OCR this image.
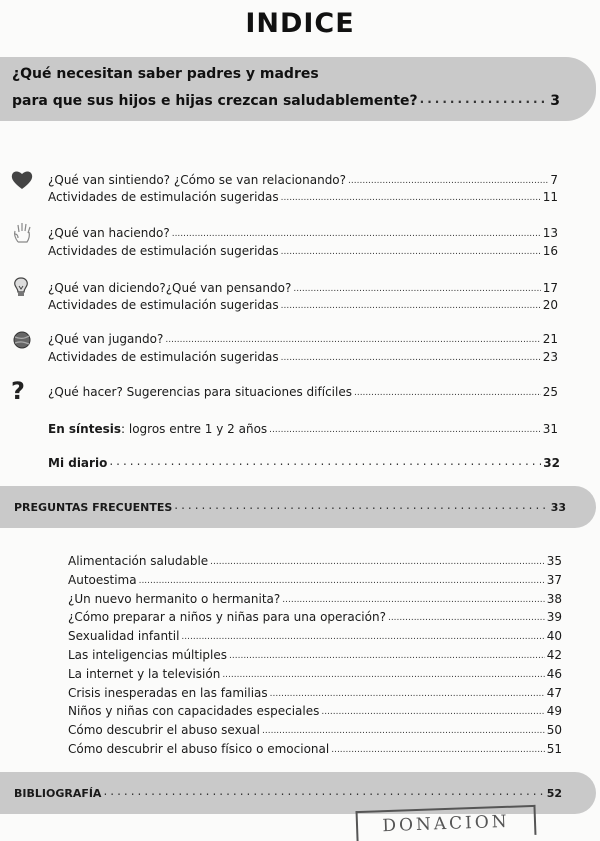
INDICE
¿Qué necesitan saber padres y madres
para que sus hijos e hijas crezcan saludablemente? .....	3
?
¿Qué van sintiendo? ¿Cómo se van relacionando? .....	7
Actividades de estimulación sugeridas .....	11
¿Qué van haciendo? .....	13
Actividades de estimulación sugeridas .....	16
¿Qué van diciendo?¿Qué van pensando? .....	17
Actividades de estimulación sugeridas .....	20
¿Qué van jugando? .....	21
Actividades de estimulación sugeridas .....	23
¿Qué hacer? Sugerencias para situaciones difíciles .....	25
En síntesis : logros entre 1 y 2 años .....	31
Mi diario .....	32
PREGUNTAS FRECUENTES .....	33
Alimentación saludable .....	35
Autoestima .....	37
¿Un nuevo hermanito o hermanita? .....	38
¿Cómo preparar a niños y niñas para una operación? .....	39
Sexualidad infantil .....	40
Las inteligencias múltiples .....	42
La internet y la televisión .....	46
Crisis inesperadas en las familias .....	47
Niños y niñas con capacidades especiales .....	49
Cómo descubrir el abuso sexual .....	50
Cómo descubrir el abuso físico o emocional .....	51
BIBLIOGRAFÍA .....	52
DONACION
